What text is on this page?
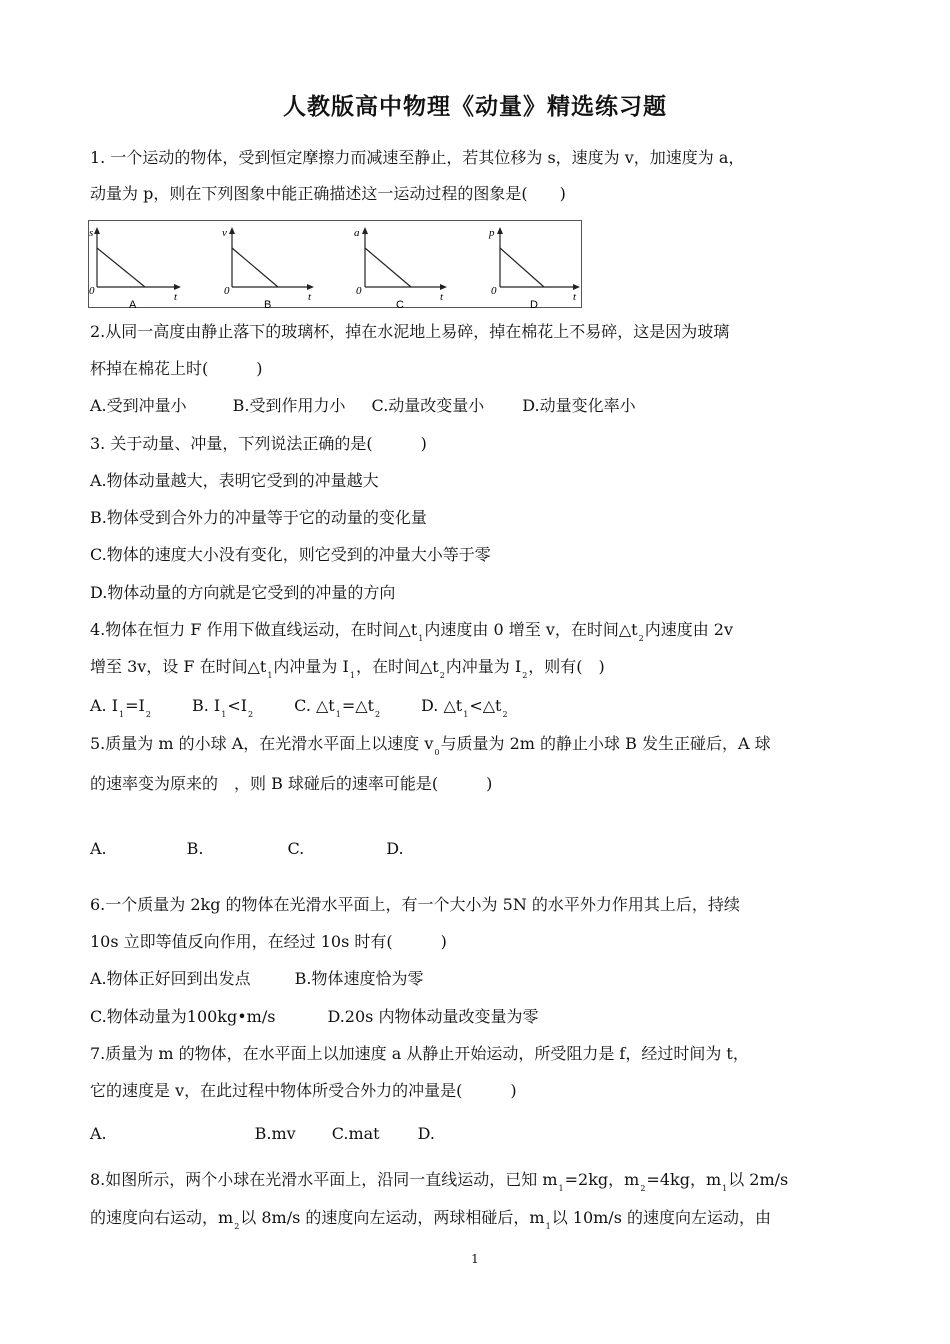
人教版高中物理《动量》精选练习题
1. 一个运动的物体，受到恒定摩擦力而减速至静止，若其位移为 s，速度为 v，加速度为 a，
动量为 p，则在下列图象中能正确描述这一运动过程的图象是(　　)
s
0	t
A
v
0	t
B
a
0	t
C
p
0	t
D
2.从同一高度由静止落下的玻璃杯，掉在水泥地上易碎，掉在棉花上不易碎，这是因为玻璃
杯掉在棉花上时(　　　)
A.受到冲量小	B.受到作用力小 C.动量改变量小 D.动量变化率小
3. 关于动量、冲量，下列说法正确的是(　　　)
A.物体动量越大，表明它受到的冲量越大
B.物体受到合外力的冲量等于它的动量的变化量
C.物体的速度大小没有变化，则它受到的冲量大小等于零
D.物体动量的方向就是它受到的冲量的方向
4.物体在恒力 F 作用下做直线运动，在时间$\triangle t_1$内速度由 0 增至 v，在时间$\triangle t_2$内速度由 2v
增至 3v，设 F 在时间$\triangle t_1$内冲量为 $I_1$，在时间$\triangle t_2$内冲量为 $I_2$，则有(　)
A. $I_1=I_2$	B. $I_1<I_2$	C. $\triangle t_1=\triangle t_2$	D. $\triangle t_1<\triangle t_2$
5.质量为 m 的小球 A，在光滑水平面上以速度 $v_0$与质量为 2m 的静止小球 B 发生正碰后，A 球
的速率变为原来的　，则 B 球碰后的速率可能是(　　　)
A.	B.	C.	D.
6.一个质量为 2kg 的物体在光滑水平面上，有一个大小为 5N 的水平外力作用其上后，持续
10s 立即等值反向作用，在经过 10s 时有(　　　)
A.物体正好回到出发点	B.物体速度恰为零
C.物体动量为100kg•m/s	D.20s 内物体动量改变量为零
7.质量为 m 的物体，在水平面上以加速度 a 从静止开始运动，所受阻力是 f，经过时间为 t，
它的速度是 v，在此过程中物体所受合外力的冲量是(　　　)
A.	B.mv C.mat D.
8.如图所示，两个小球在光滑水平面上，沿同一直线运动，已知 $m_1=2kg$，$m_2=4kg$，$m_1$以 2m/s
的速度向右运动，$m_2$以 8m/s 的速度向左运动，两球相碰后，$m_1$以 10m/s 的速度向左运动，由
1
